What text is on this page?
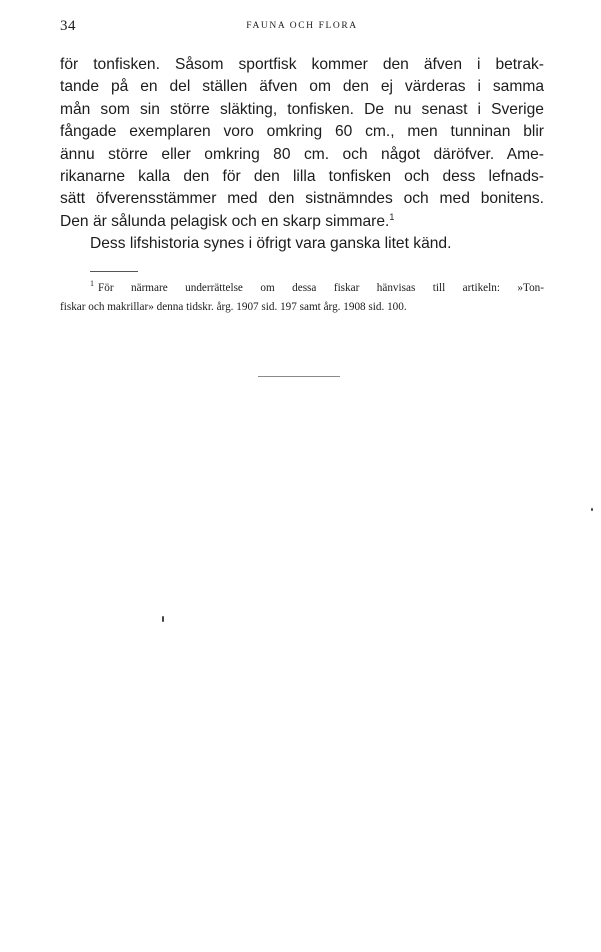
34	FAUNA OCH FLORA
för tonfisken. Såsom sportfisk kommer den äfven i betrak-
tande på en del ställen äfven om den ej värderas i samma
mån som sin större släkting, tonfisken. De nu senast i Sverige
fångade exemplaren voro omkring 60 cm., men tunninan blir
ännu större eller omkring 80 cm. och något däröfver. Ame-
rikanarne kalla den för den lilla tonfisken och dess lefnads-
sätt öfverensstämmer med den sistnämndes och med bonitens.
Den är sålunda pelagisk och en skarp simmare.$^1$
Dess lifshistoria synes i öfrigt vara ganska litet känd.
$^1$ För närmare underrättelse om dessa fiskar hänvisas till artikeln: »Ton-
fiskar och makrillar» denna tidskr. årg. 1907 sid. 197 samt årg. 1908 sid. 100.
